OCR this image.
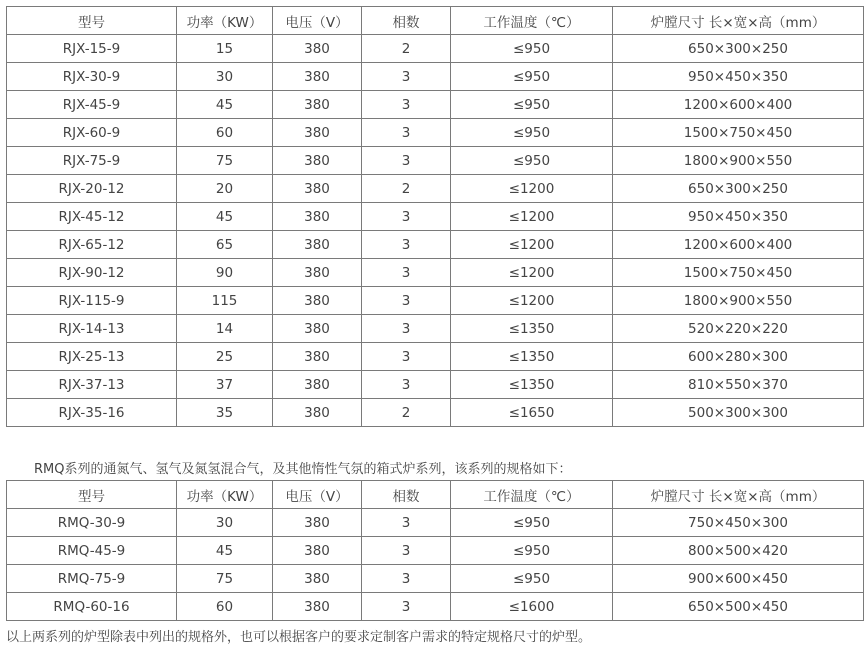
型号	功率（KW）	电压（V）	相数	工作温度（℃）	炉膛尺寸 长×宽×高（mm）
RJX-15-9	15	380	2	≤950	650×300×250
RJX-30-9	30	380	3	≤950	950×450×350
RJX-45-9	45	380	3	≤950	1200×600×400
RJX-60-9	60	380	3	≤950	1500×750×450
RJX-75-9	75	380	3	≤950	1800×900×550
RJX-20-12	20	380	2	≤1200	650×300×250
RJX-45-12	45	380	3	≤1200	950×450×350
RJX-65-12	65	380	3	≤1200	1200×600×400
RJX-90-12	90	380	3	≤1200	1500×750×450
RJX-115-9	115	380	3	≤1200	1800×900×550
RJX-14-13	14	380	3	≤1350	520×220×220
RJX-25-13	25	380	3	≤1350	600×280×300
RJX-37-13	37	380	3	≤1350	810×550×370
RJX-35-16	35	380	2	≤1650	500×300×300
RMQ系列的通氮气、氢气及氮氢混合气，及其他惰性气氛的箱式炉系列，该系列的规格如下：
型号	功率（KW）	电压（V）	相数	工作温度（℃）	炉膛尺寸 长×宽×高（mm）
RMQ-30-9	30	380	3	≤950	750×450×300
RMQ-45-9	45	380	3	≤950	800×500×420
RMQ-75-9	75	380	3	≤950	900×600×450
RMQ-60-16	60	380	3	≤1600	650×500×450
以上两系列的炉型除表中列出的规格外，也可以根据客户的要求定制客户需求的特定规格尺寸的炉型。
